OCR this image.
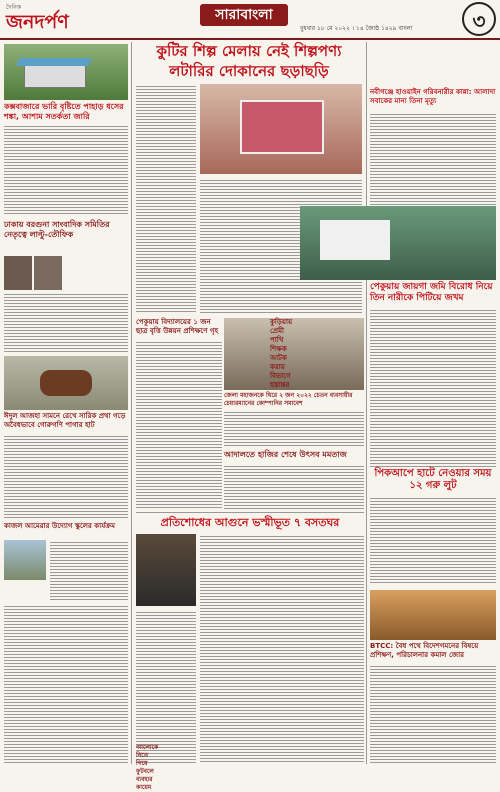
দৈনিক
জনদর্পণ	সারাবাংলা
বুধবার ১৮ মে ২০২২ । ১৪ জ্যৈষ্ঠ ১৪২৯ বাংলা	৩
কক্সবাজারে ভারি বৃষ্টিতে পাহাড় ধসের শঙ্কা, আশাম সতর্কতা জারি
ঢাকায় বরগুনা সাংবাদিক সমিতির নেতৃত্বে লাল্টু-তৌফিক
ঈদুল আজহা সামনে রেখে সারিক প্রথা গড়ে অবৈধভাবে গোরুগণি পাগার হাট
কাজল আমেরার উদ্যোগ স্কুলের কার্যক্রম
কুটির শিল্প মেলায় নেই শিল্পপণ্য
লটারির দোকানের ছড়াছড়ি
নবীগঞ্জে হাওয়াইন গরিবনারীর কান্না: আলাদা সবাকের মান্য তিনা মৃত্যু
পেকুয়ায় জায়গা জমি বিরোধ নিয়ে তিন নারীকে পিটিয়ে জখম
পিকআপে হাটে নেওয়ার সময় ১২ গরু লুট
BTCC: বৈধ পথে বিদেশগমনের বিষয়ে প্রশিক্ষণ, পরিচালনার কমাল জোর
পেকুয়ায় বিদ্যালয়ের ১ জন ছাত্র বৃত্তি উন্নয়ন প্রশিক্ষণে গৃহ
জেলা মহাজনকে ঘিরে ২ জন ২০২২ চেতন ব্যবসায়ীর চেয়ারম্যানের কোম্পানির সমাবেশ
আদালতে হাজির শেষে উৎসব মমতাজ
প্রতিশোধের আগুনে ভস্মীভূত ৭ বসতঘর
ফুটবলে ব্যবহার কায়েম
